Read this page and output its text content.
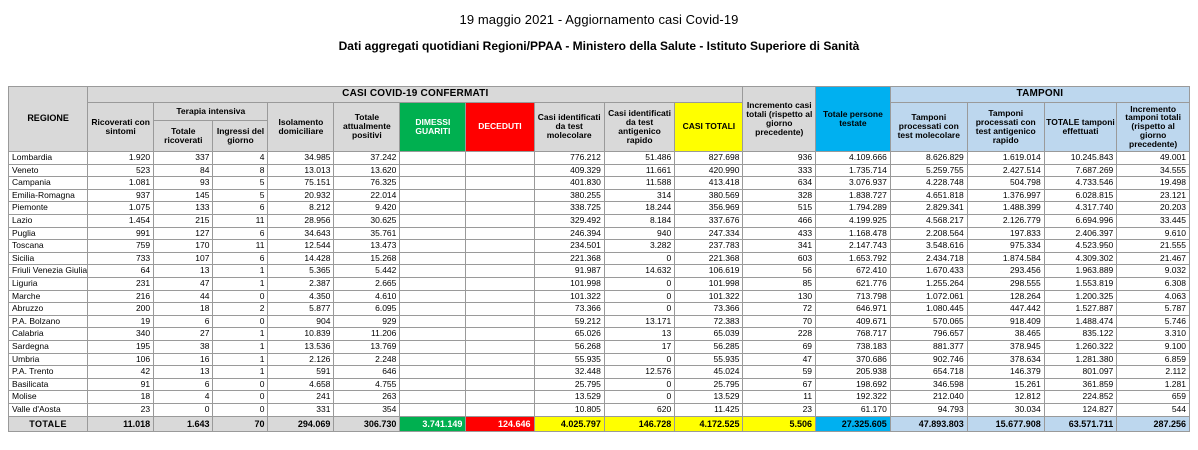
19 maggio 2021 - Aggiornamento casi Covid-19
Dati aggregati quotidiani Regioni/PPAA - Ministero della Salute - Istituto Superiore di Sanità
REGIONE	CASI COVID-19 CONFERMATI										Incremento casi totali (rispetto al giorno precedente)	Totale persone testate	TAMPONI			
	Ricoverati con sintomi	Terapia intensiva		Isolamento domiciliare	Totale attualmente positivi	DIMESSI GUARITI	DECEDUTI	Casi identificati da test molecolare	Casi identificati da test antigenico rapido	CASI TOTALI			Tamponi processati con test molecolare	Tamponi processati con test antigenico rapido	TOTALE tamponi effettuati	Incremento tamponi totali (rispetto al giorno precedente)
		Totale ricoverati	Ingressi del giorno													
Lombardia	1.920	337	4	34.985	37.242	757.040	33.416	776.212	51.486	827.698	936	4.109.666	8.626.829	1.619.014	10.245.843	49.001
Veneto	523	84	8	13.013	13.620	395.863	11.507	409.329	11.661	420.990	333	1.735.714	5.259.755	2.427.514	7.687.269	34.555
Campania	1.081	93	5	75.151	76.325	330.200	6.893	401.830	11.588	413.418	634	3.076.937	4.228.748	504.798	4.733.546	19.498
Emilia-Romagna	937	145	5	20.932	22.014	345.439	13.116	380.255	314	380.569	328	1.838.727	4.651.818	1.376.997	6.028.815	23.121
Piemonte	1.075	133	6	8.212	9.420	336.300	11.549	338.725	18.244	356.969	515	1.794.289	2.829.341	1.488.399	4.317.740	20.203
Lazio	1.454	215	11	28.956	30.625	298.998	8.053	329.492	8.184	337.676	466	4.199.925	4.568.217	2.126.779	6.694.996	33.445
Puglia	991	127	6	34.643	35.761	205.261	6.312	246.394	940	247.334	433	1.168.478	2.208.564	197.833	2.406.397	9.610
Toscana	759	170	11	12.544	13.473	217.735	6.575	234.501	3.282	237.783	341	2.147.743	3.548.616	975.334	4.523.950	21.555
Sicilia	733	107	6	14.428	15.268	200.401	5.699	221.368	0	221.368	603	1.653.792	2.434.718	1.874.584	4.309.302	21.467
Friuli Venezia Giulia	64	13	1	5.365	5.442	97.404	3.773	91.987	14.632	106.619	56	672.410	1.670.433	293.456	1.963.889	9.032
Liguria	231	47	1	2.387	2.665	95.037	4.296	101.998	0	101.998	85	621.776	1.255.264	298.555	1.553.819	6.308
Marche	216	44	0	4.350	4.610	93.716	2.996	101.322	0	101.322	130	713.798	1.072.061	128.264	1.200.325	4.063
Abruzzo	200	18	2	5.877	6.095	64.806	2.465	73.366	0	73.366	72	646.971	1.080.445	447.442	1.527.887	5.787
P.A. Bolzano	19	6	0	904	929	70.285	1.169	59.212	13.171	72.383	70	409.671	570.065	918.409	1.488.474	5.746
Calabria	340	27	1	10.839	11.206	52.711	1.122	65.026	13	65.039	228	768.717	796.657	38.465	835.122	3.310
Sardegna	195	38	1	13.536	13.769	41.074	1.442	56.268	17	56.285	69	738.183	881.377	378.945	1.260.322	9.100
Umbria	106	16	1	2.126	2.248	52.346	1.381	55.935	0	55.935	47	370.686	902.746	378.634	1.281.380	6.859
P.A. Trento	42	13	1	591	646	43.024	1.354	32.448	12.576	45.024	59	205.938	654.718	146.379	801.097	2.112
Basilicata	91	6	0	4.658	4.755	20.471	569	25.795	0	25.795	67	198.692	346.598	15.261	361.859	1.281
Molise	18	4	0	241	263	12.778	488	13.529	0	13.529	11	192.322	212.040	12.812	224.852	659
Valle d'Aosta	23	0	0	331	354	10.600	471	10.805	620	11.425	23	61.170	94.793	30.034	124.827	544
TOTALE	11.018	1.643	70	294.069	306.730	3.741.149	124.646	4.025.797	146.728	4.172.525	5.506	27.325.605	47.893.803	15.677.908	63.571.711	287.256
